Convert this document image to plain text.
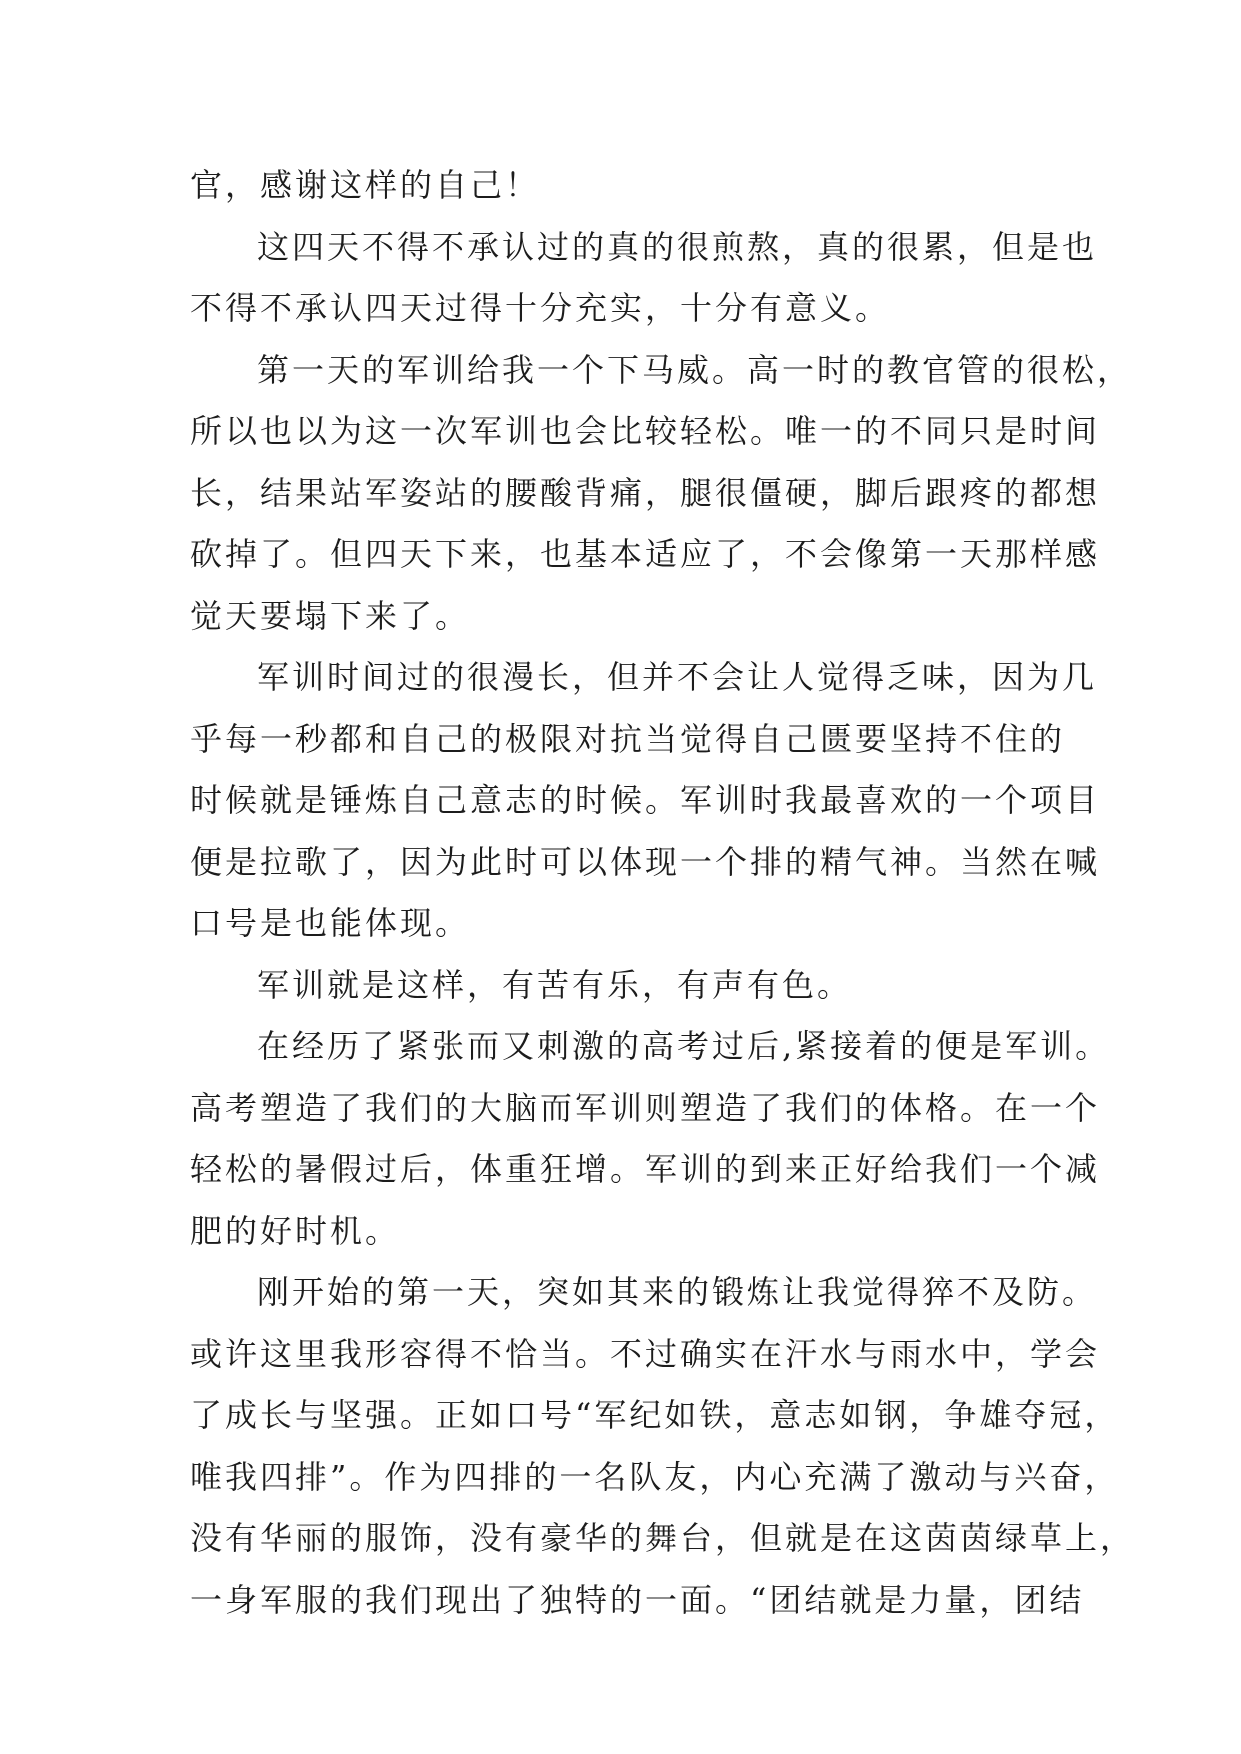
官，感谢这样的自己！
这四天不得不承认过的真的很煎熬，真的很累，但是也
不得不承认四天过得十分充实，十分有意义。
第一天的军训给我一个下马威。高一时的教官管的很松，
所以也以为这一次军训也会比较轻松。唯一的不同只是时间
长，结果站军姿站的腰酸背痛，腿很僵硬，脚后跟疼的都想
砍掉了。但四天下来，也基本适应了，不会像第一天那样感
觉天要塌下来了。
军训时间过的很漫长，但并不会让人觉得乏味，因为几
乎每一秒都和自己的极限对抗当觉得自己匮要坚持不住的
时候就是锤炼自己意志的时候。军训时我最喜欢的一个项目
便是拉歌了，因为此时可以体现一个排的精气神。当然在喊
口号是也能体现。
军训就是这样，有苦有乐，有声有色。
在经历了紧张而又刺激的高考过后,紧接着的便是军训。
高考塑造了我们的大脑而军训则塑造了我们的体格。在一个
轻松的暑假过后，体重狂增。军训的到来正好给我们一个减
肥的好时机。
刚开始的第一天，突如其来的锻炼让我觉得猝不及防。
或许这里我形容得不恰当。不过确实在汗水与雨水中，学会
了成长与坚强。正如口号“军纪如铁，意志如钢，争雄夺冠，
唯我四排”。作为四排的一名队友，内心充满了激动与兴奋，
没有华丽的服饰，没有豪华的舞台，但就是在这茵茵绿草上，
一身军服的我们现出了独特的一面。“团结就是力量，团结
